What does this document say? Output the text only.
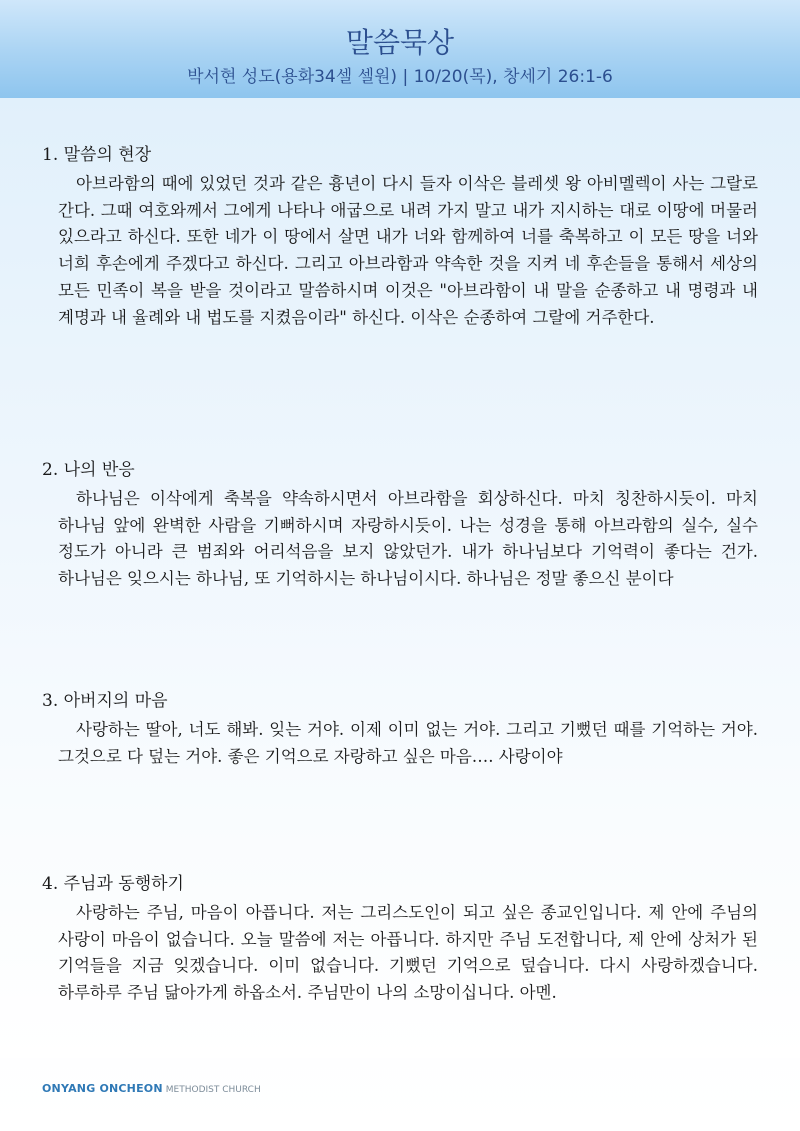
말씀묵상
박서현 성도(용화34셀 셀원) | 10/20(목), 창세기 26:1-6
1. 말씀의 현장

아브라함의 때에 있었던 것과 같은 흉년이 다시 들자 이삭은 블레셋 왕 아비멜렉이 사는 그랄로 간다. 그때 여호와께서 그에게 나타나 애굽으로 내려 가지 말고 내가 지시하는 대로 이땅에 머물러 있으라고 하신다. 또한 네가 이 땅에서 살면 내가 너와 함께하여 너를 축복하고 이 모든 땅을 너와 너희 후손에게 주겠다고 하신다. 그리고 아브라함과 약속한 것을 지켜 네 후손들을 통해서 세상의 모든 민족이 복을 받을 것이라고 말씀하시며 이것은 "아브라함이 내 말을 순종하고 내 명령과 내 계명과 내 율례와 내 법도를 지켰음이라" 하신다. 이삭은 순종하여 그랄에 거주한다.

2. 나의 반응

하나님은 이삭에게 축복을 약속하시면서 아브라함을 회상하신다. 마치 칭찬하시듯이. 마치 하나님 앞에 완벽한 사람을 기뻐하시며 자랑하시듯이. 나는 성경을 통해 아브라함의 실수, 실수 정도가 아니라 큰 범죄와 어리석음을 보지 않았던가. 내가 하나님보다 기억력이 좋다는 건가. 하나님은 잊으시는 하나님, 또 기억하시는 하나님이시다. 하나님은 정말 좋으신 분이다

3. 아버지의 마음

사랑하는 딸아, 너도 해봐. 잊는 거야. 이제 이미 없는 거야. 그리고 기뻤던 때를 기억하는 거야. 그것으로 다 덮는 거야. 좋은 기억으로 자랑하고 싶은 마음…. 사랑이야

4. 주님과 동행하기

사랑하는 주님, 마음이 아픕니다. 저는 그리스도인이 되고 싶은 종교인입니다. 제 안에 주님의 사랑이 마음이 없습니다. 오늘 말씀에 저는 아픕니다. 하지만 주님 도전합니다, 제 안에 상처가 된 기억들을 지금 잊겠습니다. 이미 없습니다. 기뻤던 기억으로 덮습니다. 다시 사랑하겠습니다. 하루하루 주님 닮아가게 하옵소서. 주님만이 나의 소망이십니다. 아멘.

ONYANG ONCHEON METHODIST CHURCH
